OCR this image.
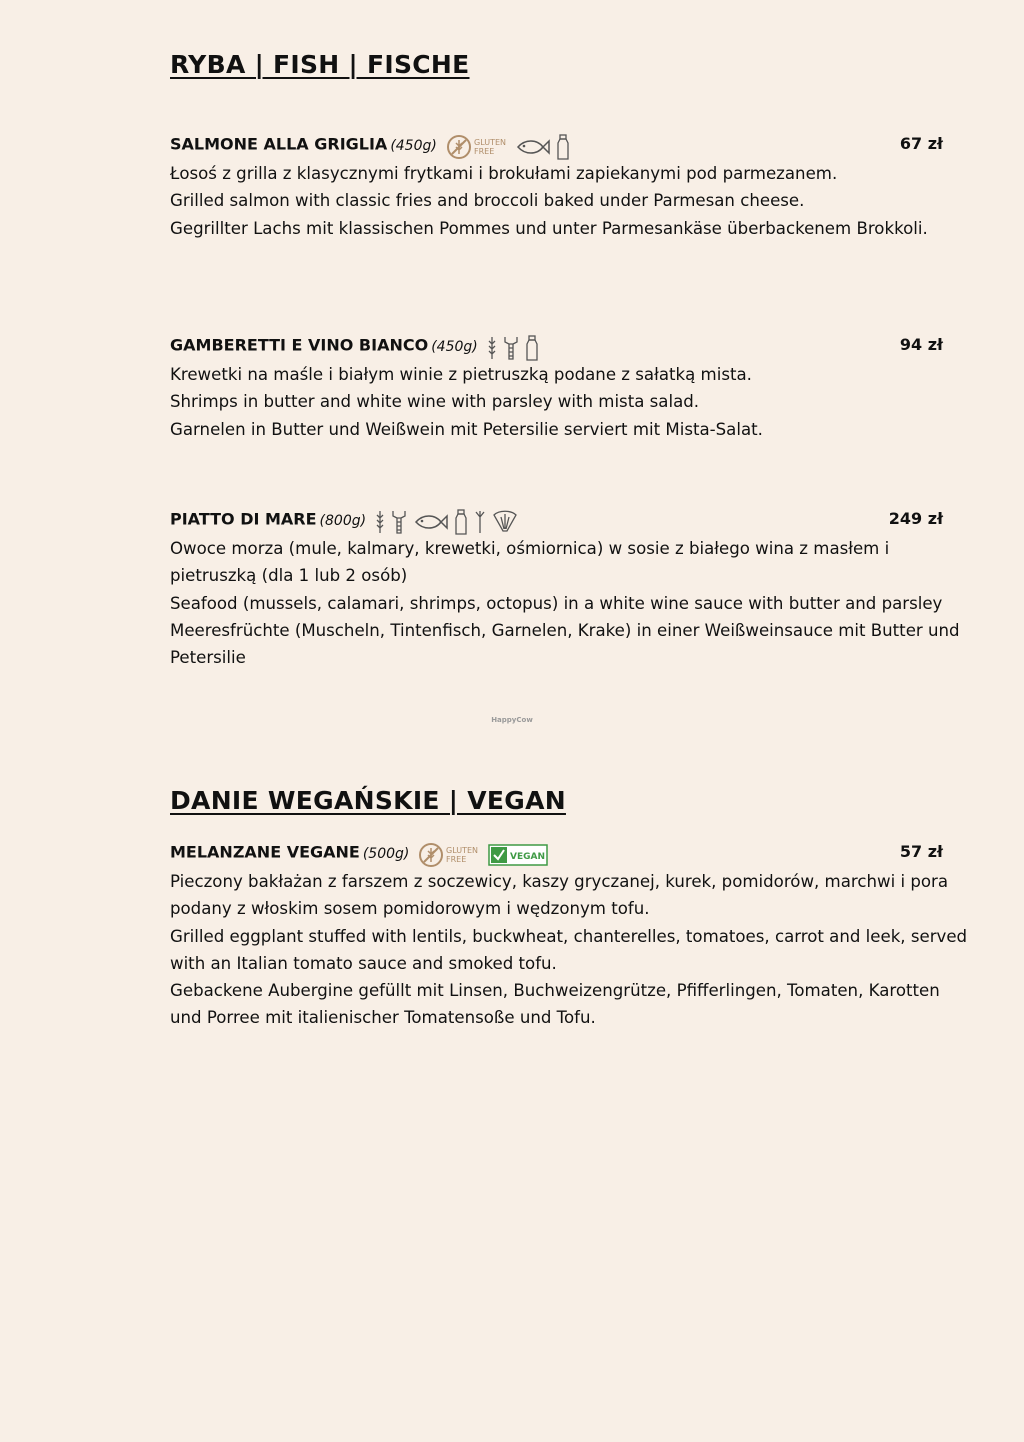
RYBA | FISH | FISCHE
SALMONE ALLA GRIGLIA (450g)	GLUTEN
FREE
	67 zł

Łosoś z grilla z klasycznymi frytkami i brokułami zapiekanymi pod parmezanem.
Grilled salmon with classic fries and broccoli baked under Parmesan cheese.
Gegrillter Lachs mit klassischen Pommes und unter Parmesankäse überbackenem Brokkoli.

GAMBERETTI E VINO BIANCO (450g)	94 zł

Krewetki na maśle i białym winie z pietruszką podane z sałatką mista.
Shrimps in butter and white wine with parsley with mista salad.
Garnelen in Butter und Weißwein mit Petersilie serviert mit Mista-Salat.

PIATTO DI MARE (800g)	249 zł

Owoce morza (mule, kalmary, krewetki, ośmiornica) w sosie z białego wina z masłem i
pietruszką (dla 1 lub 2 osób)
Seafood (mussels, calamari, shrimps, octopus) in a white wine sauce with butter and parsley
Meeresfrüchte (Muscheln, Tintenfisch, Garnelen, Krake) in einer Weißweinsauce mit Butter und
Petersilie

HappyCow
DANIE WEGAŃSKIE | VEGAN
MELANZANE VEGANE (500g)	GLUTEN
FREE
	VEGAN	57 zł

Pieczony bakłażan z farszem z soczewicy, kaszy gryczanej, kurek, pomidorów, marchwi i pora
podany z włoskim sosem pomidorowym i wędzonym tofu.
Grilled eggplant stuffed with lentils, buckwheat, chanterelles, tomatoes, carrot and leek, served
with an Italian tomato sauce and smoked tofu.
Gebackene Aubergine gefüllt mit Linsen, Buchweizengrütze, Pfifferlingen, Tomaten, Karotten
und Porree mit italienischer Tomatensoße und Tofu.
